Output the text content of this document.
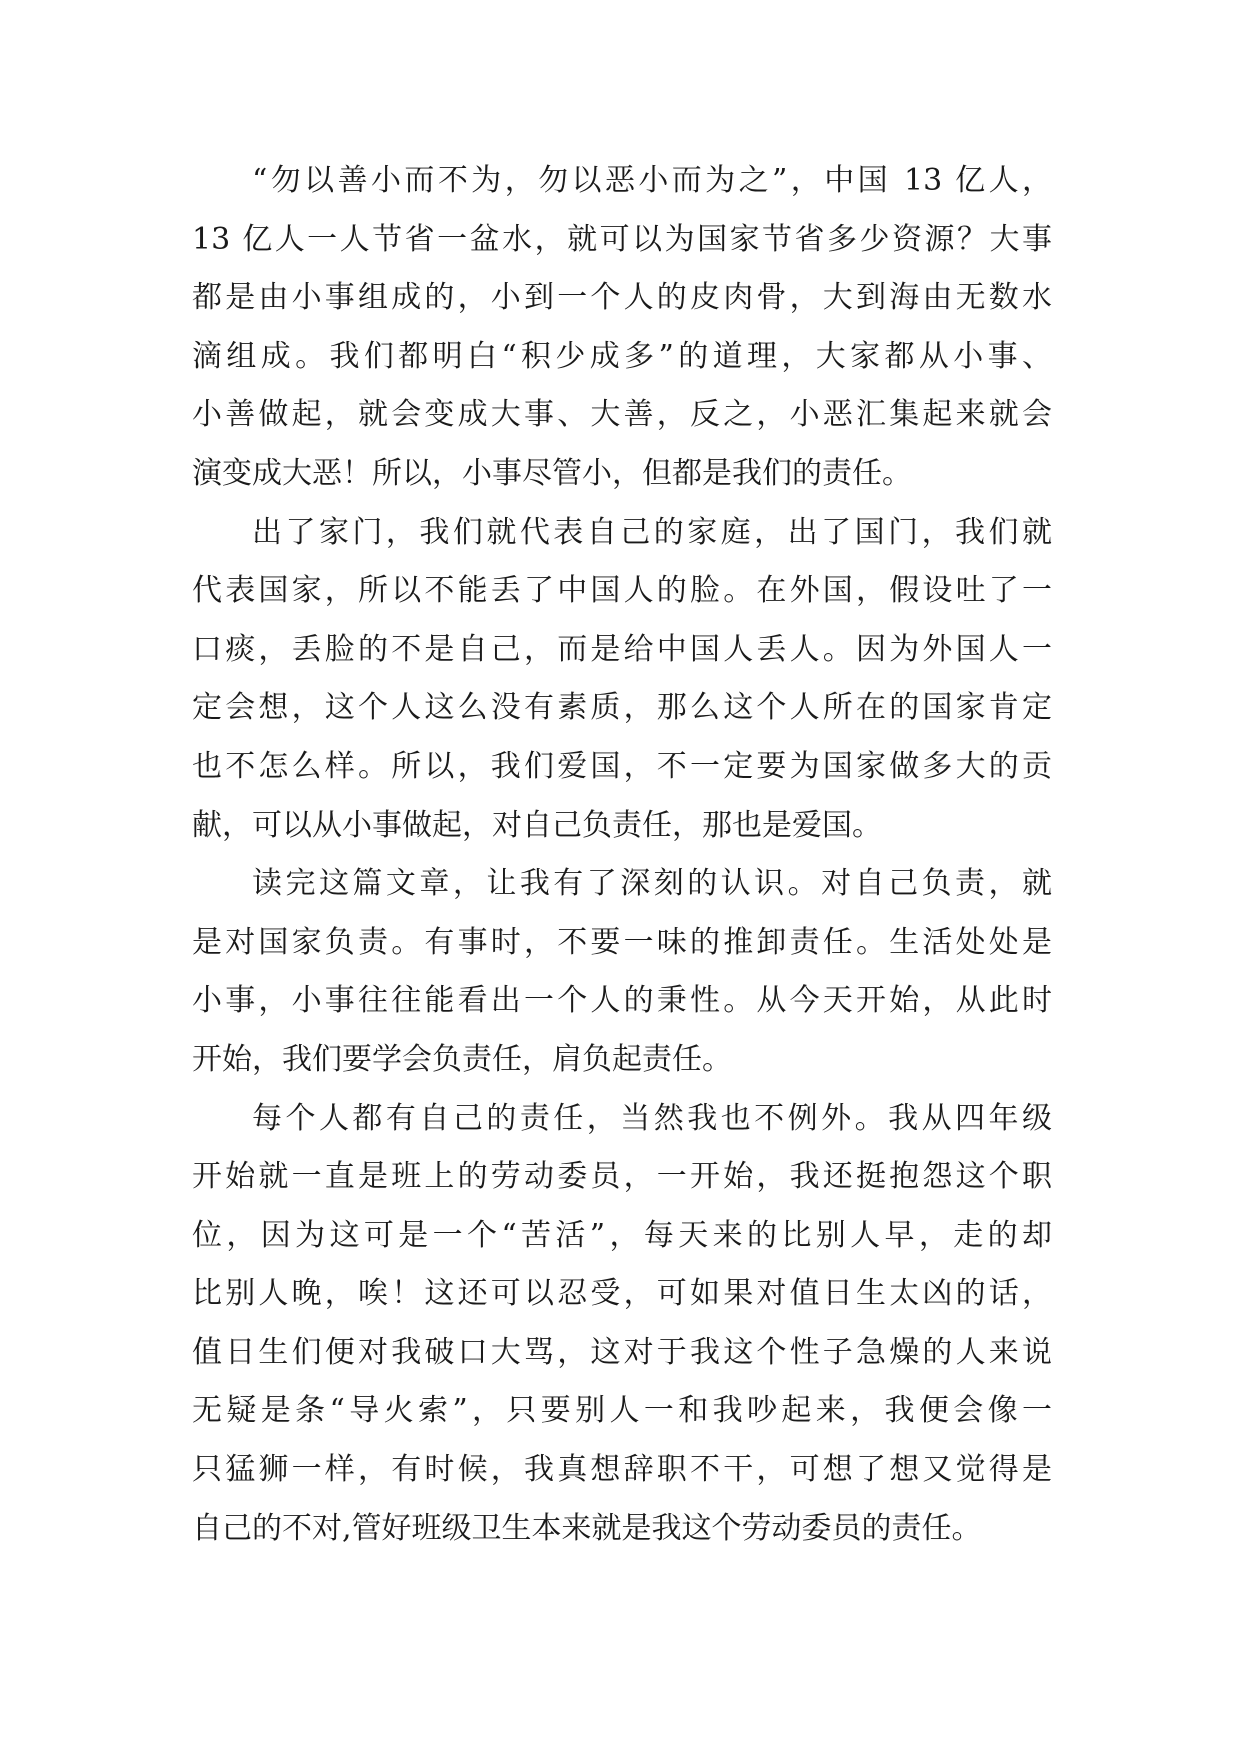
“勿以善小而不为，勿以恶小而为之”，中国 13 亿人，
13 亿人一人节省一盆水，就可以为国家节省多少资源？大事
都是由小事组成的，小到一个人的皮肉骨，大到海由无数水
滴组成。我们都明白“积少成多”的道理，大家都从小事、
小善做起，就会变成大事、大善，反之，小恶汇集起来就会
演变成大恶！所以，小事尽管小，但都是我们的责任。
出了家门，我们就代表自己的家庭，出了国门，我们就
代表国家，所以不能丢了中国人的脸。在外国，假设吐了一
口痰，丢脸的不是自己，而是给中国人丢人。因为外国人一
定会想，这个人这么没有素质，那么这个人所在的国家肯定
也不怎么样。所以，我们爱国，不一定要为国家做多大的贡
献，可以从小事做起，对自己负责任，那也是爱国。
读完这篇文章，让我有了深刻的认识。对自己负责，就
是对国家负责。有事时，不要一味的推卸责任。生活处处是
小事，小事往往能看出一个人的秉性。从今天开始，从此时
开始，我们要学会负责任，肩负起责任。
每个人都有自己的责任，当然我也不例外。我从四年级
开始就一直是班上的劳动委员，一开始，我还挺抱怨这个职
位，因为这可是一个“苦活”，每天来的比别人早，走的却
比别人晚，唉！这还可以忍受，可如果对值日生太凶的话，
值日生们便对我破口大骂，这对于我这个性子急燥的人来说
无疑是条“导火索”，只要别人一和我吵起来，我便会像一
只猛狮一样，有时候，我真想辞职不干，可想了想又觉得是
自己的不对,管好班级卫生本来就是我这个劳动委员的责任。
